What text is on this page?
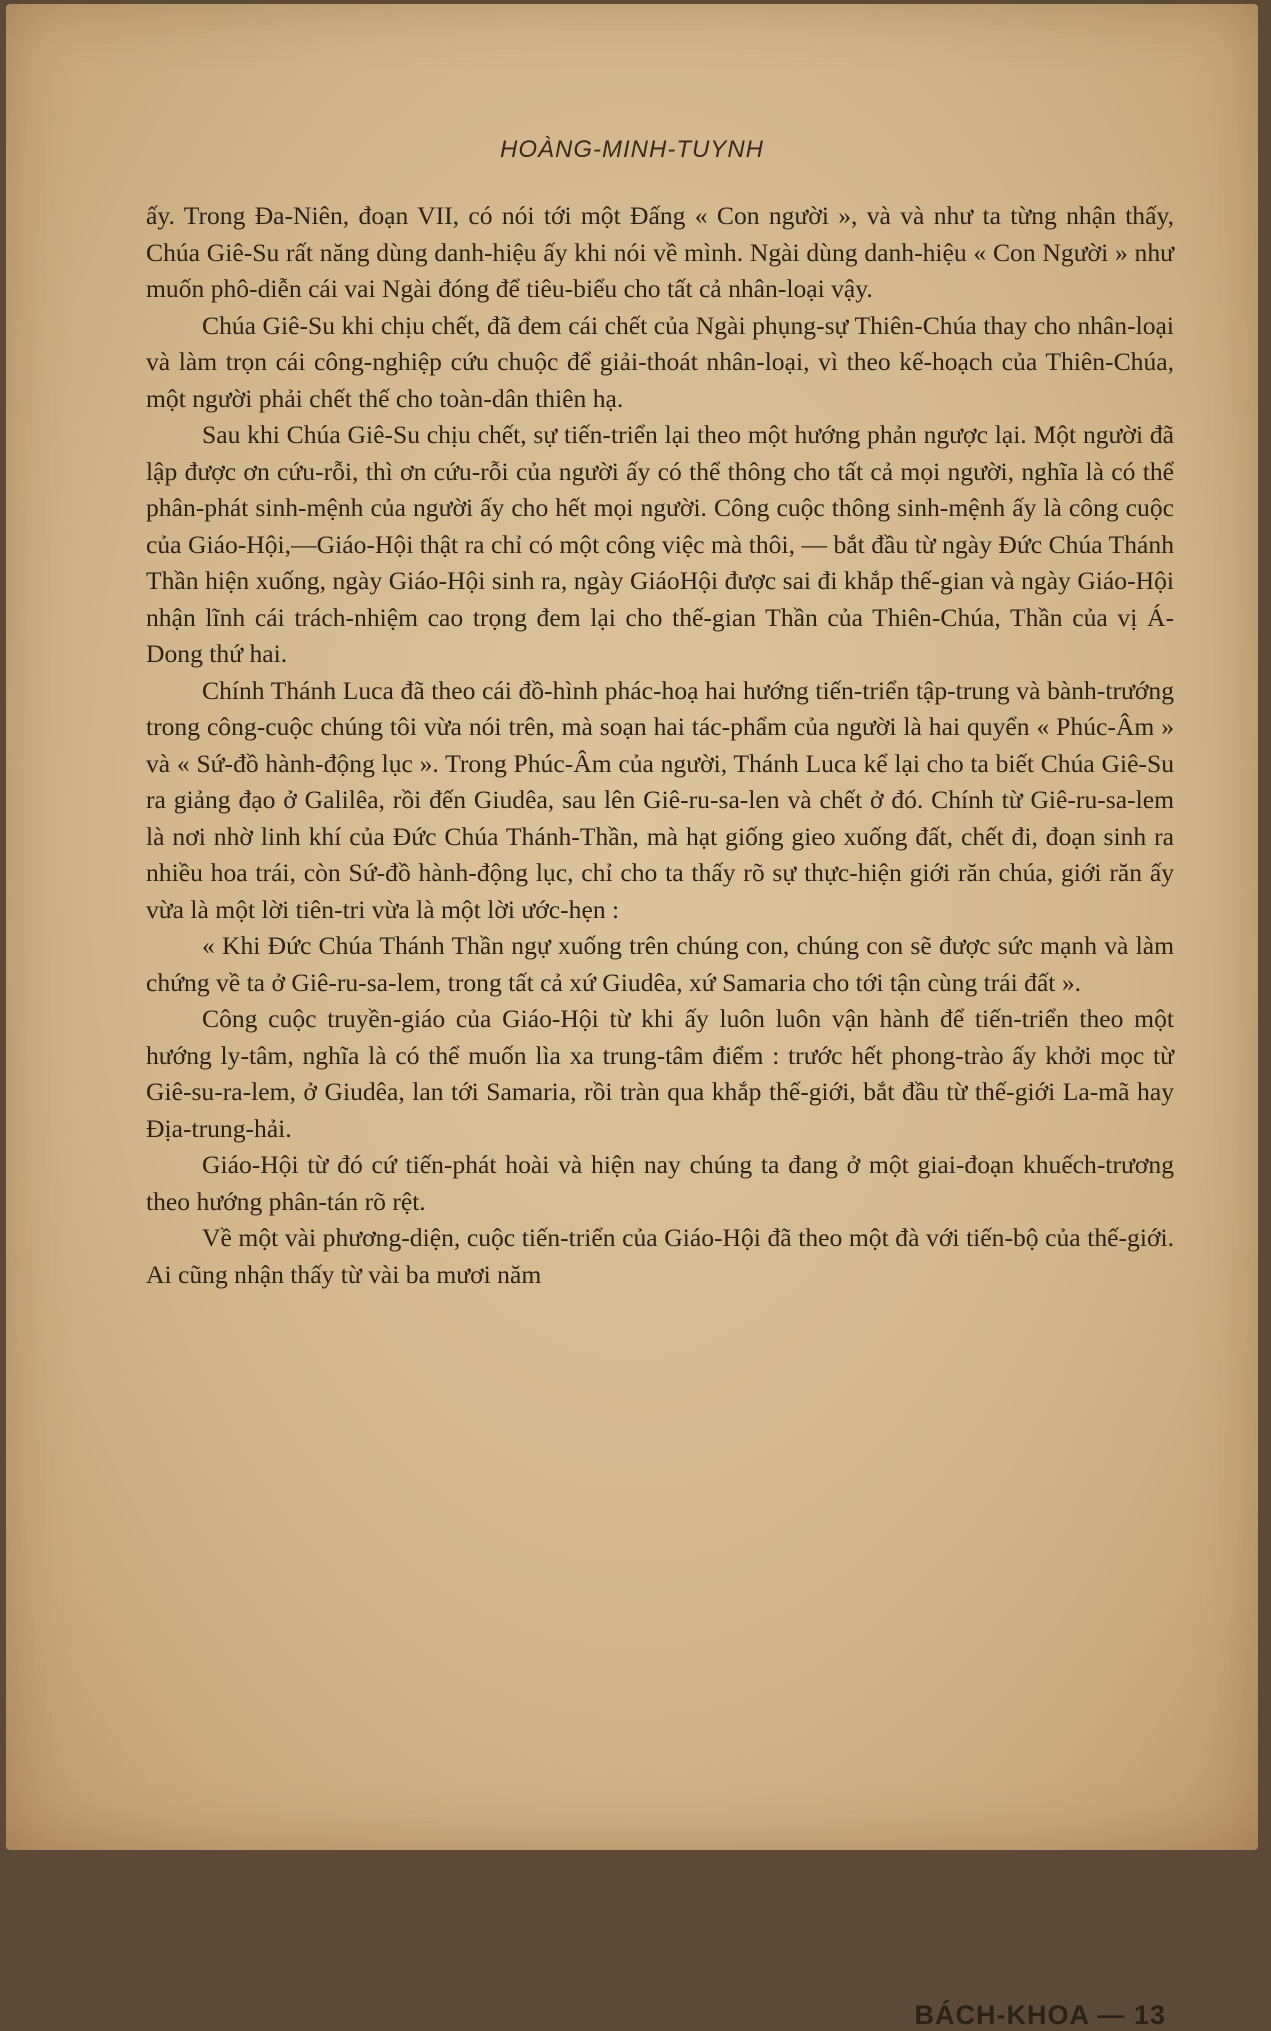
HOÀNG-MINH-TUYNH

ấy. Trong Đa-Niên, đoạn VII, có nói tới một Đấng « Con người », và và như ta từng nhận thấy, Chúa Giê-Su rất năng dùng danh-hiệu ấy khi nói về mình. Ngài dùng danh-hiệu « Con Người » như muốn phô-diễn cái vai Ngài đóng để tiêu-biểu cho tất cả nhân-loại vậy.

Chúa Giê-Su khi chịu chết, đã đem cái chết của Ngài phụng-sự Thiên-Chúa thay cho nhân-loại và làm trọn cái công-nghiệp cứu chuộc để giải-thoát nhân-loại, vì theo kế-hoạch của Thiên-Chúa, một người phải chết thế cho toàn-dân thiên hạ.

Sau khi Chúa Giê-Su chịu chết, sự tiến-triển lại theo một hướng phản ngược lại. Một người đã lập được ơn cứu-rỗi, thì ơn cứu-rỗi của người ấy có thể thông cho tất cả mọi người, nghĩa là có thể phân-phát sinh-mệnh của người ấy cho hết mọi người. Công cuộc thông sinh-mệnh ấy là công cuộc của Giáo-Hội,—Giáo-Hội thật ra chỉ có một công việc mà thôi, — bắt đầu từ ngày Đức Chúa Thánh Thần hiện xuống, ngày Giáo-Hội sinh ra, ngày GiáoHội được sai đi khắp thế-gian và ngày Giáo-Hội nhận lĩnh cái trách-nhiệm cao trọng đem lại cho thế-gian Thần của Thiên-Chúa, Thần của vị Á-Dong thứ hai.

Chính Thánh Luca đã theo cái đồ-hình phác-hoạ hai hướng tiến-triển tập-trung và bành-trướng trong công-cuộc chúng tôi vừa nói trên, mà soạn hai tác-phẩm của người là hai quyển « Phúc-Âm » và « Sứ-đồ hành-động lục ». Trong Phúc-Âm của người, Thánh Luca kể lại cho ta biết Chúa Giê-Su ra giảng đạo ở Galilêa, rồi đến Giudêa, sau lên Giê-ru-sa-len và chết ở đó. Chính từ Giê-ru-sa-lem là nơi nhờ linh khí của Đức Chúa Thánh-Thần, mà hạt giống gieo xuống đất, chết đi, đoạn sinh ra nhiều hoa trái, còn Sứ-đồ hành-động lục, chỉ cho ta thấy rõ sự thực-hiện giới răn chúa, giới răn ấy vừa là một lời tiên-tri vừa là một lời ước-hẹn :

« Khi Đức Chúa Thánh Thần ngự xuống trên chúng con, chúng con sẽ được sức mạnh và làm chứng về ta ở Giê-ru-sa-lem, trong tất cả xứ Giudêa, xứ Samaria cho tới tận cùng trái đất ».

Công cuộc truyền-giáo của Giáo-Hội từ khi ấy luôn luôn vận hành để tiến-triển theo một hướng ly-tâm, nghĩa là có thể muốn lìa xa trung-tâm điểm : trước hết phong-trào ấy khởi mọc từ Giê-su-ra-lem, ở Giudêa, lan tới Samaria, rồi tràn qua khắp thế-giới, bắt đầu từ thế-giới La-mã hay Địa-trung-hải.

Giáo-Hội từ đó cứ tiến-phát hoài và hiện nay chúng ta đang ở một giai-đoạn khuếch-trương theo hướng phân-tán rõ rệt.

Về một vài phương-diện, cuộc tiến-triển của Giáo-Hội đã theo một đà với tiến-bộ của thế-giới. Ai cũng nhận thấy từ vài ba mươi năm

BÁCH-KHOA — 13
